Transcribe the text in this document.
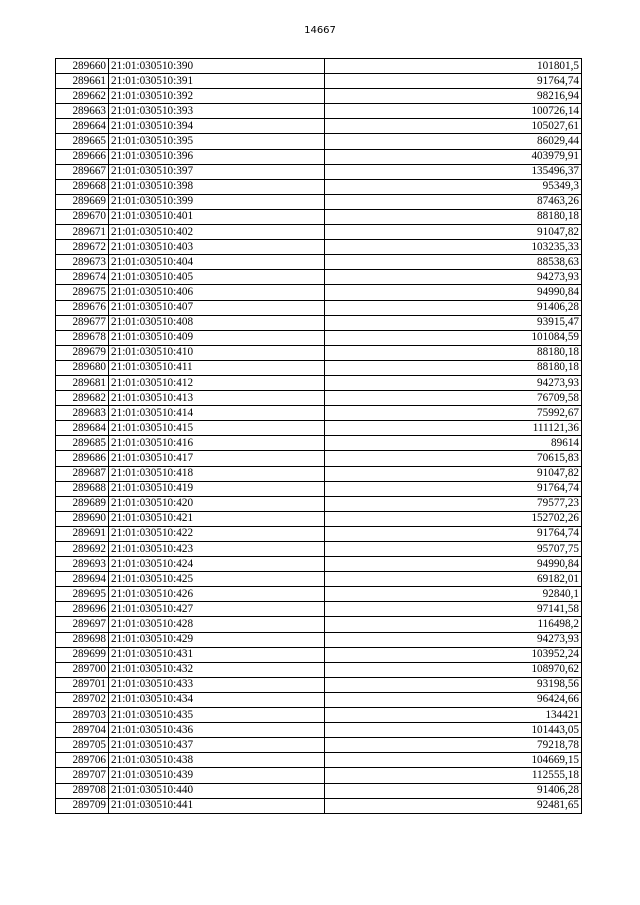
14667
289660	21:01:030510:390	101801,5
289661	21:01:030510:391	91764,74
289662	21:01:030510:392	98216,94
289663	21:01:030510:393	100726,14
289664	21:01:030510:394	105027,61
289665	21:01:030510:395	86029,44
289666	21:01:030510:396	403979,91
289667	21:01:030510:397	135496,37
289668	21:01:030510:398	95349,3
289669	21:01:030510:399	87463,26
289670	21:01:030510:401	88180,18
289671	21:01:030510:402	91047,82
289672	21:01:030510:403	103235,33
289673	21:01:030510:404	88538,63
289674	21:01:030510:405	94273,93
289675	21:01:030510:406	94990,84
289676	21:01:030510:407	91406,28
289677	21:01:030510:408	93915,47
289678	21:01:030510:409	101084,59
289679	21:01:030510:410	88180,18
289680	21:01:030510:411	88180,18
289681	21:01:030510:412	94273,93
289682	21:01:030510:413	76709,58
289683	21:01:030510:414	75992,67
289684	21:01:030510:415	111121,36
289685	21:01:030510:416	89614
289686	21:01:030510:417	70615,83
289687	21:01:030510:418	91047,82
289688	21:01:030510:419	91764,74
289689	21:01:030510:420	79577,23
289690	21:01:030510:421	152702,26
289691	21:01:030510:422	91764,74
289692	21:01:030510:423	95707,75
289693	21:01:030510:424	94990,84
289694	21:01:030510:425	69182,01
289695	21:01:030510:426	92840,1
289696	21:01:030510:427	97141,58
289697	21:01:030510:428	116498,2
289698	21:01:030510:429	94273,93
289699	21:01:030510:431	103952,24
289700	21:01:030510:432	108970,62
289701	21:01:030510:433	93198,56
289702	21:01:030510:434	96424,66
289703	21:01:030510:435	134421
289704	21:01:030510:436	101443,05
289705	21:01:030510:437	79218,78
289706	21:01:030510:438	104669,15
289707	21:01:030510:439	112555,18
289708	21:01:030510:440	91406,28
289709	21:01:030510:441	92481,65
